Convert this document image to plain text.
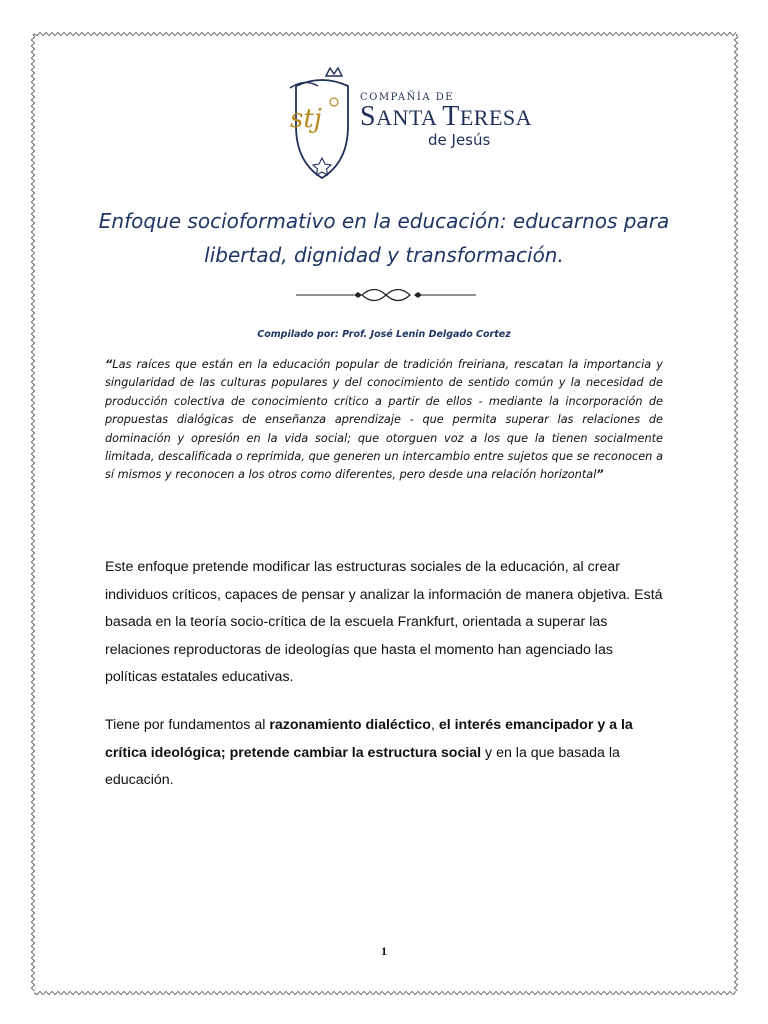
stj
COMPAÑÍA DE
SANTA TERESA
de Jesús
Enfoque socioformativo en la educación: educarnos para
libertad, dignidad y transformación.
Compilado por: Prof. José Lenin Delgado Cortez

“Las raíces que están en la educación popular de tradición freiriana, rescatan la importancia y singularidad de las culturas populares y del conocimiento de sentido común y la necesidad de producción colectiva de conocimiento crítico a partir de ellos - mediante la incorporación de propuestas dialógicas de enseñanza aprendizaje - que permita superar las relaciones de dominación y opresión en la vida social; que otorguen voz a los que la tienen socialmente limitada, descalificada o reprimida, que generen un intercambio entre sujetos que se reconocen a sí mismos y reconocen a los otros como diferentes, pero desde una relación horizontal”

Este enfoque pretende modificar las estructuras sociales de la educación, al crear individuos críticos, capaces de pensar y analizar la información de manera objetiva. Está basada en la teoría socio-crítica de la escuela Frankfurt, orientada a superar las relaciones reproductoras de ideologías que hasta el momento han agenciado las políticas estatales educativas.

Tiene por fundamentos al razonamiento dialéctico, el interés emancipador y a la crítica ideológica; pretende cambiar la estructura social y en la que basada la educación.

1
